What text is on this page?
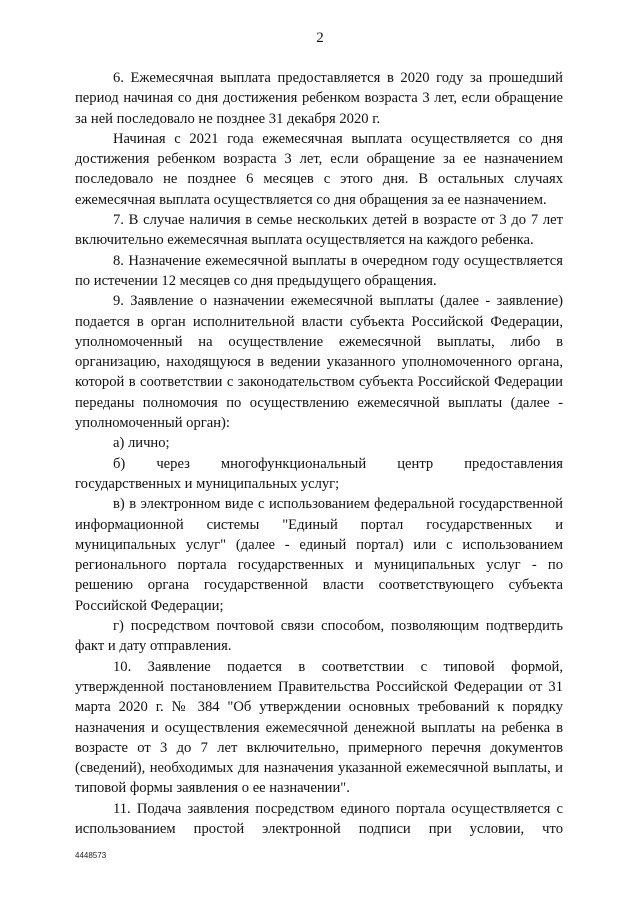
2

6. Ежемесячная выплата предоставляется в 2020 году за прошедший период начиная со дня достижения ребенком возраста 3 лет, если обращение за ней последовало не позднее 31 декабря 2020 г.

Начиная с 2021 года ежемесячная выплата осуществляется со дня достижения ребенком возраста 3 лет, если обращение за ее назначением последовало не позднее 6 месяцев с этого дня. В остальных случаях ежемесячная выплата осуществляется со дня обращения за ее назначением.

7. В случае наличия в семье нескольких детей в возрасте от 3 до 7 лет включительно ежемесячная выплата осуществляется на каждого ребенка.

8. Назначение ежемесячной выплаты в очередном году осуществляется по истечении 12 месяцев со дня предыдущего обращения.

9. Заявление о назначении ежемесячной выплаты (далее - заявление) подается в орган исполнительной власти субъекта Российской Федерации, уполномоченный на осуществление ежемесячной выплаты, либо в организацию, находящуюся в ведении указанного уполномоченного органа, которой в соответствии с законодательством субъекта Российской Федерации переданы полномочия по осуществлению ежемесячной выплаты (далее - уполномоченный орган):

а) лично;

б) через многофункциональный центр предоставления государственных и муниципальных услуг;

в) в электронном виде с использованием федеральной государственной информационной системы "Единый портал государственных и муниципальных услуг" (далее - единый портал) или с использованием регионального портала государственных и муниципальных услуг - по решению органа государственной власти соответствующего субъекта Российской Федерации;

г) посредством почтовой связи способом, позволяющим подтвердить факт и дату отправления.

10. Заявление подается в соответствии с типовой формой, утвержденной постановлением Правительства Российской Федерации от 31 марта 2020 г. № 384 "Об утверждении основных требований к порядку назначения и осуществления ежемесячной денежной выплаты на ребенка в возрасте от 3 до 7 лет включительно, примерного перечня документов (сведений), необходимых для назначения указанной ежемесячной выплаты, и типовой формы заявления о ее назначении".

11. Подача заявления посредством единого портала осуществляется с использованием простой электронной подписи при условии, что

4448573
